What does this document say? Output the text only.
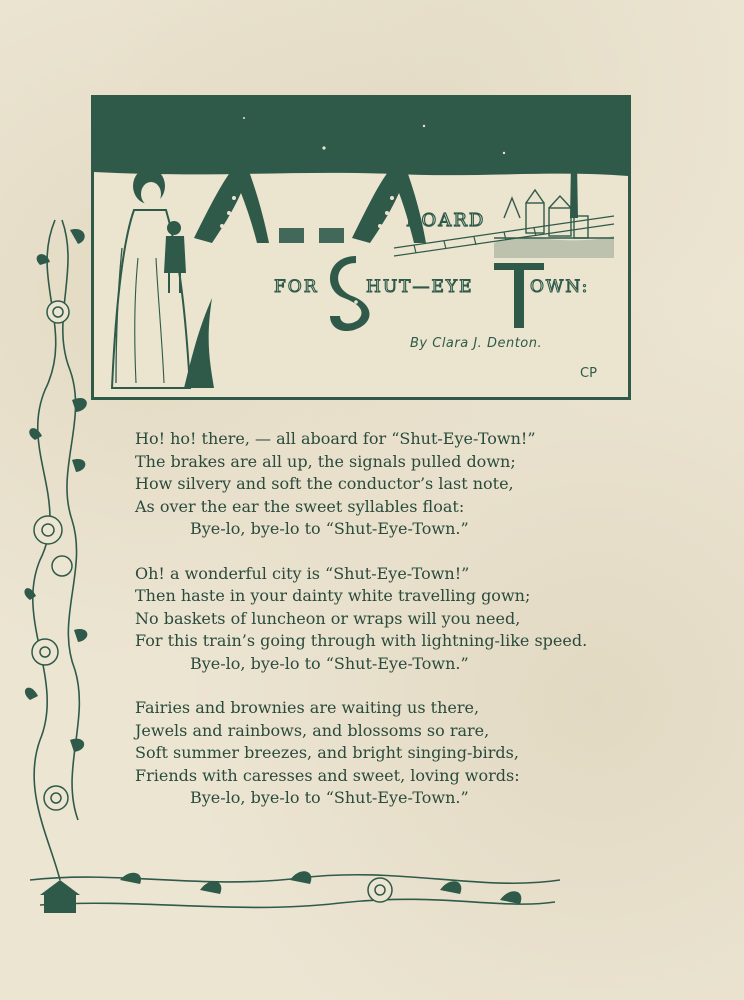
BOARD
FOR	HUT—EYE	OWN:
By Clara J. Denton.
CP
Ho! ho! there, — all aboard for “Shut-Eye-Town!”
The brakes are all up, the signals pulled down;
How silvery and soft the conductor’s last note,
As over the ear the sweet syllables float:
Bye-lo, bye-lo to “Shut-Eye-Town.”
Oh! a wonderful city is “Shut-Eye-Town!”
Then haste in your dainty white travelling gown;
No baskets of luncheon or wraps will you need,
For this train’s going through with lightning-like speed.
Bye-lo, bye-lo to “Shut-Eye-Town.”
Fairies and brownies are waiting us there,
Jewels and rainbows, and blossoms so rare,
Soft summer breezes, and bright singing-birds,
Friends with caresses and sweet, loving words:
Bye-lo, bye-lo to “Shut-Eye-Town.”
